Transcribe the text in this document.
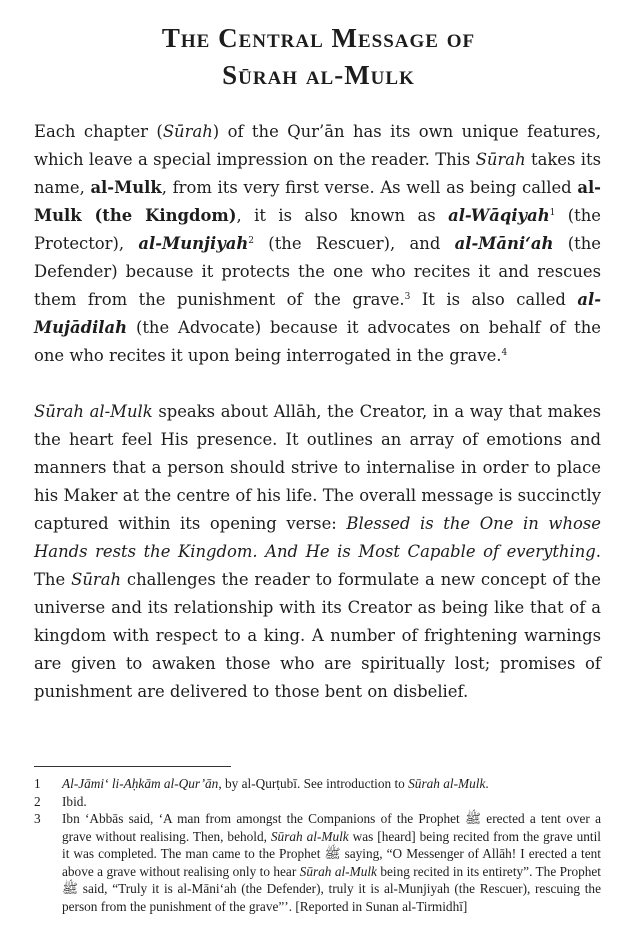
The Central Message of
Sūrah al-Mulk

Each chapter (Sūrah) of the Qur’ān has its own unique features, which leave a special impression on the reader. This Sūrah takes its name, al-Mulk, from its very first verse. As well as being called al-Mulk (the Kingdom), it is also known as al-Wāqiyah$^1$ (the Protector), al-Munjiyah$^2$ (the Rescuer), and al-Māni‘ah (the Defender) because it protects the one who recites it and rescues them from the punishment of the grave.$^3$ It is also called al-Mujādilah (the Advocate) because it advocates on behalf of the one who recites it upon being interrogated in the grave.$^4$

Sūrah al-Mulk speaks about Allāh, the Creator, in a way that makes the heart feel His presence. It outlines an array of emotions and manners that a person should strive to internalise in order to place his Maker at the centre of his life. The overall message is succinctly captured within its opening verse: Blessed is the One in whose Hands rests the Kingdom. And He is Most Capable of everything. The Sūrah challenges the reader to formulate a new concept of the universe and its relationship with its Creator as being like that of a kingdom with respect to a king. A number of frightening warnings are given to awaken those who are spiritually lost; promises of punishment are delivered to those bent on disbelief.

1	Al-Jāmi‘ li-Aḥkām al-Qur’ān, by al-Qurṭubī. See introduction to Sūrah al-Mulk.
2	Ibid.
3	Ibn ‘Abbās said, ‘A man from amongst the Companions of the Prophet ﷺ erected a tent over a grave without realising. Then, behold, Sūrah al-Mulk was [heard] being recited from the grave until it was completed. The man came to the Prophet ﷺ saying, “O Messenger of Allāh! I erected a tent above a grave without realising only to hear Sūrah al-Mulk being recited in its entirety”. The Prophet ﷺ said, “Truly it is al-Māni‘ah (the Defender), truly it is al-Munjiyah (the Rescuer), rescuing the person from the punishment of the grave”’. [Reported in Sunan al-Tirmidhī]
